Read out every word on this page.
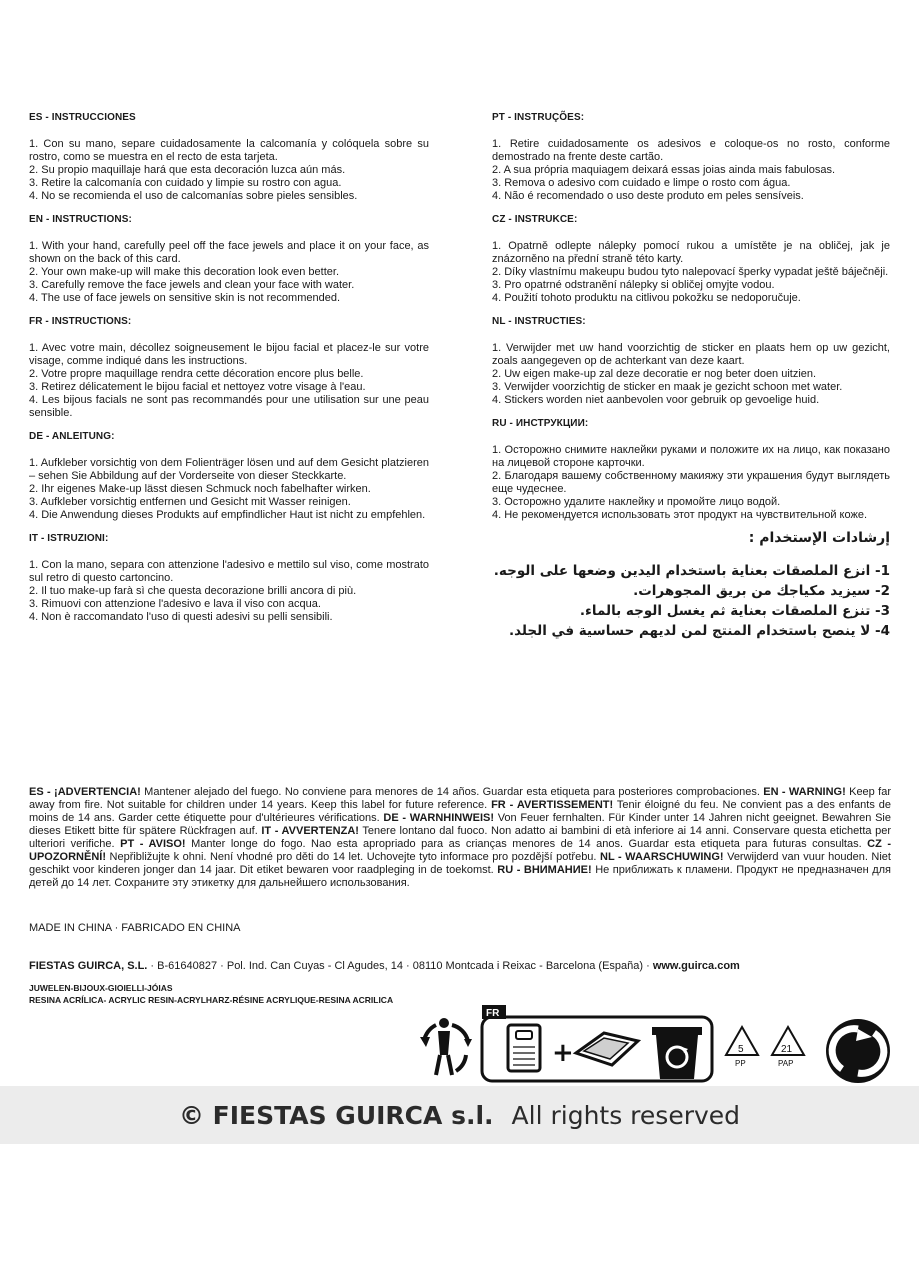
ES - INSTRUCCIONES
1. Con su mano, separe cuidadosamente la calcomanía y colóquela sobre su rostro, como se muestra en el recto de esta tarjeta.
2. Su propio maquillaje hará que esta decoración luzca aún más.
3. Retire la calcomanía con cuidado y limpie su rostro con agua.
4. No se recomienda el uso de calcomanías sobre pieles sensibles.
EN - INSTRUCTIONS:
1. With your hand, carefully peel off the face jewels and place it on your face, as shown on the back of this card.
2. Your own make-up will make this decoration look even better.
3. Carefully remove the face jewels and clean your face with water.
4. The use of face jewels on sensitive skin is not recommended.
FR - INSTRUCTIONS:
1. Avec votre main, décollez soigneusement le bijou facial et placez-le sur votre visage, comme indiqué dans les instructions.
2. Votre propre maquillage rendra cette décoration encore plus belle.
3. Retirez délicatement le bijou facial et nettoyez votre visage à l'eau.
4. Les bijous facials ne sont pas recommandés pour une utilisation sur une peau sensible.
DE - ANLEITUNG:
1. Aufkleber vorsichtig von dem Folienträger lösen und auf dem Gesicht platzieren – sehen Sie Abbildung auf der Vorderseite von dieser Steckkarte.
2. Ihr eigenes Make-up lässt diesen Schmuck noch fabelhafter wirken.
3. Aufkleber vorsichtig entfernen und Gesicht mit Wasser reinigen.
4. Die Anwendung dieses Produkts auf empfindlicher Haut ist nicht zu empfehlen.
IT - ISTRUZIONI:
1. Con la mano, separa con attenzione l'adesivo e mettilo sul viso, come mostrato sul retro di questo cartoncino.
2. Il tuo make-up farà sì che questa decorazione brilli ancora di più.
3. Rimuovi con attenzione l'adesivo e lava il viso con acqua.
4. Non è raccomandato l'uso di questi adesivi su pelli sensibili.
PT - INSTRUÇÕES:
1. Retire cuidadosamente os adesivos e coloque-os no rosto, conforme demostrado na frente deste cartão.
2. A sua própria maquiagem deixará essas joias ainda mais fabulosas.
3. Remova o adesivo com cuidado e limpe o rosto com água.
4. Não é recomendado o uso deste produto em peles sensíveis.
CZ - INSTRUKCE:
1. Opatrně odlepte nálepky pomocí rukou a umístěte je na obličej, jak je znázorněno na přední straně této karty.
2. Díky vlastnímu makeupu budou tyto nalepovací šperky vypadat ještě báječněji.
3. Pro opatrné odstranění nálepky si obličej omyjte vodou.
4. Použití tohoto produktu na citlivou pokožku se nedoporučuje.
NL - INSTRUCTIES:
1. Verwijder met uw hand voorzichtig de sticker en plaats hem op uw gezicht, zoals aangegeven op de achterkant van deze kaart.
2. Uw eigen make-up zal deze decoratie er nog beter doen uitzien.
3. Verwijder voorzichtig de sticker en maak je gezicht schoon met water.
4. Stickers worden niet aanbevolen voor gebruik op gevoelige huid.
RU - ИНСТРУКЦИИ:
1. Осторожно снимите наклейки руками и положите их на лицо, как показано на лицевой стороне карточки.
2. Благодаря вашему собственному макияжу эти украшения будут выглядеть еще чудеснее.
3. Осторожно удалите наклейку и промойте лицо водой.
4. Не рекомендуется использовать этот продукт на чувствительной коже.
إرشادات الإستخدام :
1- انزع الملصقات بعناية باستخدام اليدين وضعها على الوجه.
2- سيزيد مكياجك من بريق المجوهرات.
3- تنزع الملصقات بعناية ثم يغسل الوجه بالماء.
4- لا ينصح باستخدام المنتج لمن لديهم حساسية في الجلد.
ES - ¡ADVERTENCIA! Mantener alejado del fuego. No conviene para menores de 14 años. Guardar esta etiqueta para posteriores comprobaciones. EN - WARNING! Keep far away from fire. Not suitable for children under 14 years. Keep this label for future reference. FR - AVERTISSEMENT! Tenir éloigné du feu. Ne convient pas a des enfants de moins de 14 ans. Garder cette étiquette pour d'ultérieures vérifications. DE - WARNHINWEIS! Von Feuer fernhalten. Für Kinder unter 14 Jahren nicht geeignet. Bewahren Sie dieses Etikett bitte für spätere Rückfragen auf. IT - AVVERTENZA! Tenere lontano dal fuoco. Non adatto ai bambini di età inferiore ai 14 anni. Conservare questa etichetta per ulteriori verifiche. PT - AVISO! Manter longe do fogo. Nao esta apropriado para as crianças menores de 14 anos. Guardar esta etiqueta para futuras consultas. CZ - UPOZORNĚNÍ! Nepřibližujte k ohni. Není vhodné pro děti do 14 let. Uchovejte tyto informace pro pozdější potřebu. NL - WAARSCHUWING! Verwijderd van vuur houden. Niet geschikt voor kinderen jonger dan 14 jaar. Dit etiket bewaren voor raadpleging in de toekomst. RU - ВНИМАНИЕ! Не приближать к пламени. Продукт не предназначен для детей до 14 лет. Сохраните эту этикетку для дальнейшего использования.
MADE IN CHINA · FABRICADO EN CHINA
FIESTAS GUIRCA, S.L. · B-61640827 · Pol. Ind. Can Cuyas - Cl Agudes, 14 · 08110 Montcada i Reixac - Barcelona (España) · www.guirca.com
JUWELEN-BIJOUX-GIOIELLI-JÓIAS
RESINA ACRÍLICA- ACRYLIC RESIN-ACRYLHARZ-RÉSINE ACRYLIQUE-RESINA ACRILICA
FR
+	5
PP
21
PAP
© FIESTAS GUIRCA s.l. All rights reserved
